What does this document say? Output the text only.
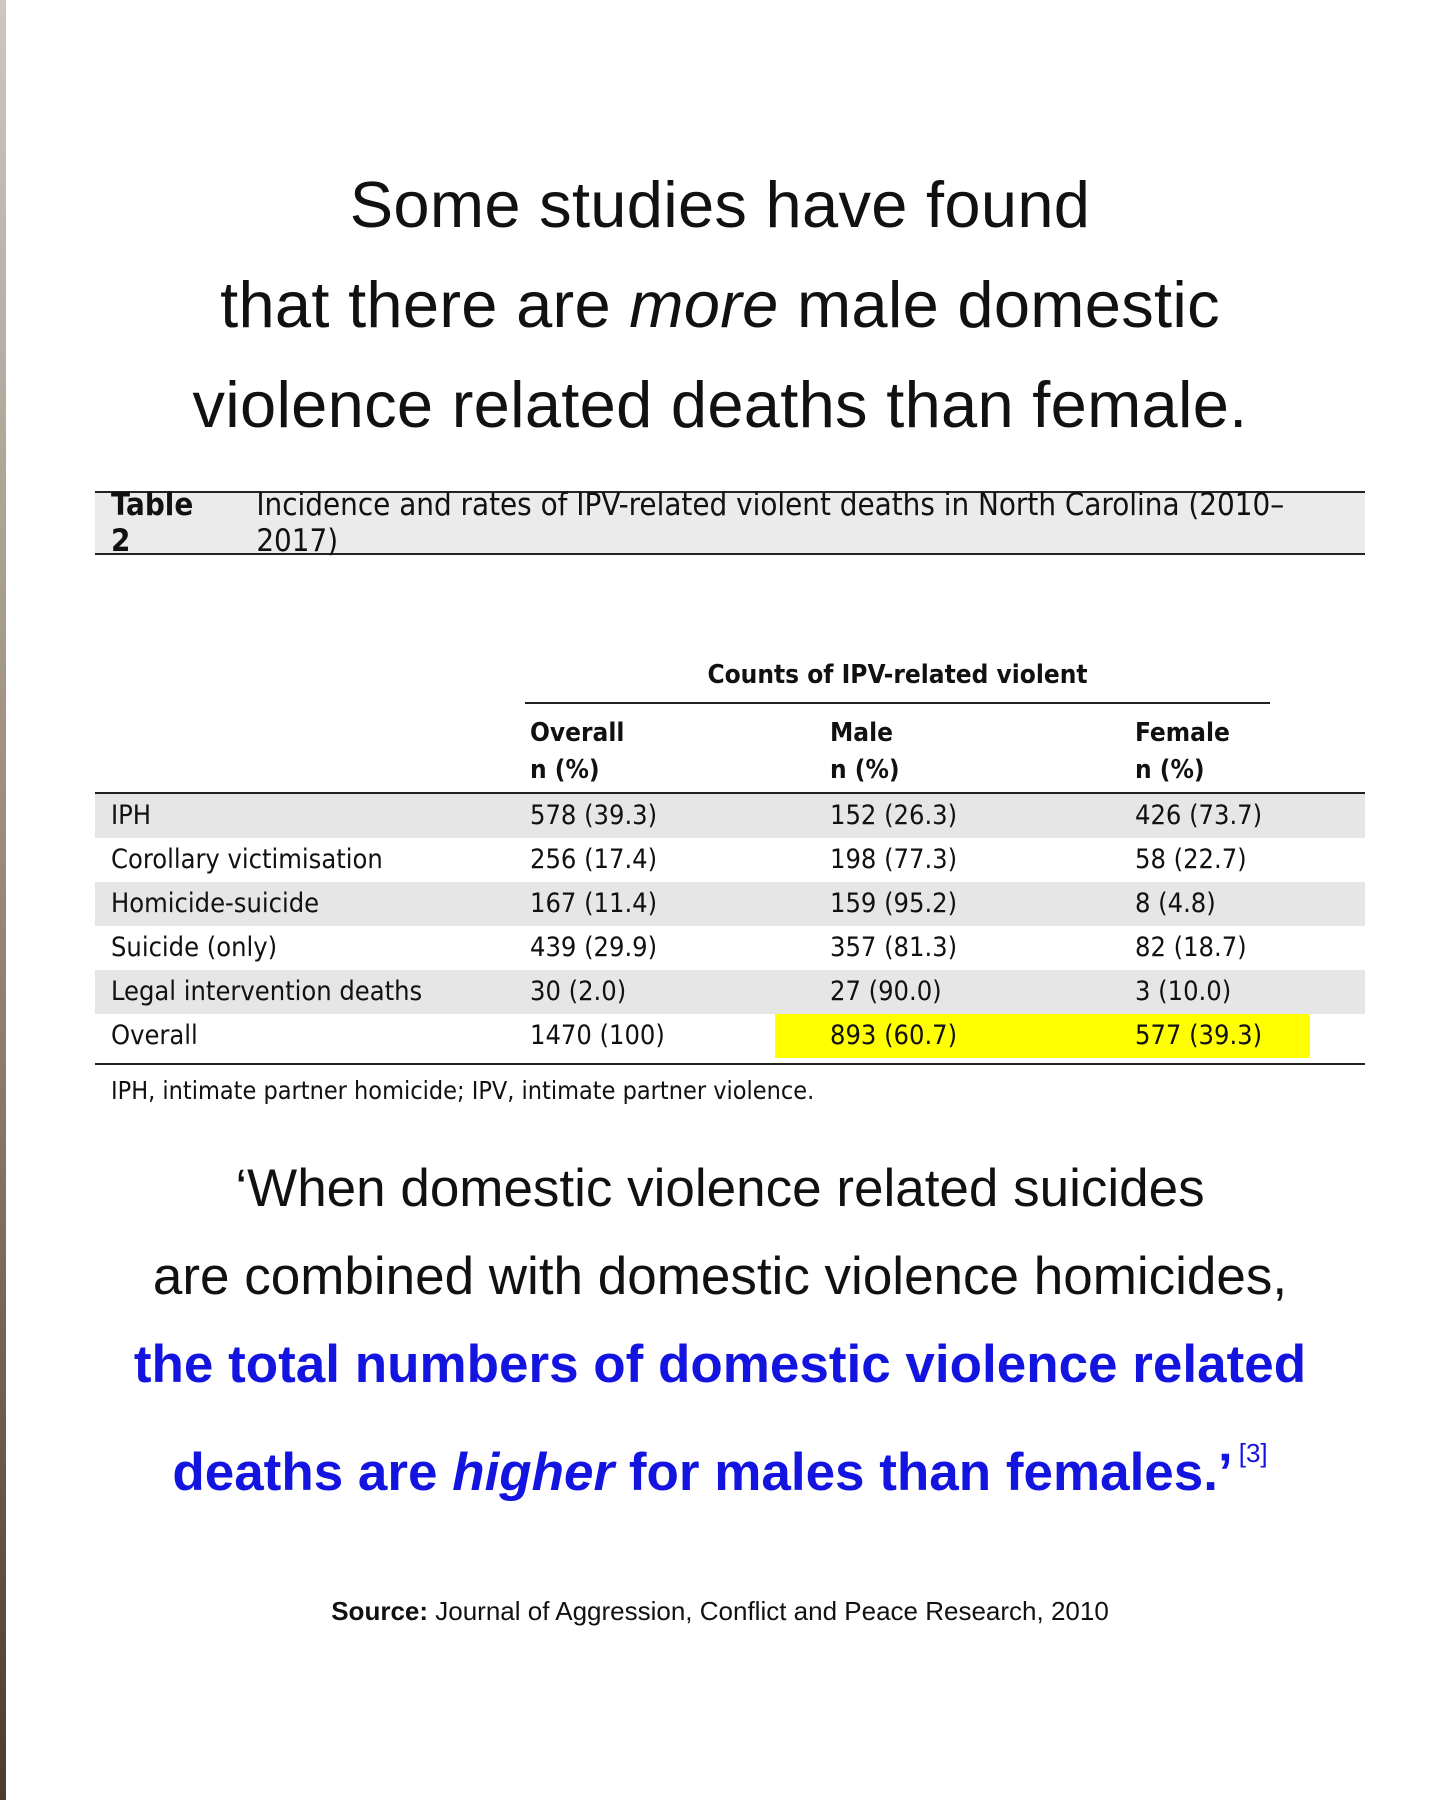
Some studies have found
that there are more male domestic
violence related deaths than female.
Table 2
Incidence and rates of IPV-related violent deaths in North Carolina (2010–2017)
Counts of IPV-related violent
Overall
n (%)
Male
n (%)
Female
n (%)
IPH	578 (39.3)	152 (26.3)	426 (73.7)
Corollary victimisation	256 (17.4)	198 (77.3)	58 (22.7)
Homicide-suicide	167 (11.4)	159 (95.2)	8 (4.8)
Suicide (only)	439 (29.9)	357 (81.3)	82 (18.7)
Legal intervention deaths	30 (2.0)	27 (90.0)	3 (10.0)
Overall	1470 (100)	893 (60.7)	577 (39.3)
IPH, intimate partner homicide; IPV, intimate partner violence.
‘When domestic violence related suicides
are combined with domestic violence homicides,
the total numbers of domestic violence related
deaths are higher for males than females.’ [3]
Source: Journal of Aggression, Conflict and Peace Research, 2010
